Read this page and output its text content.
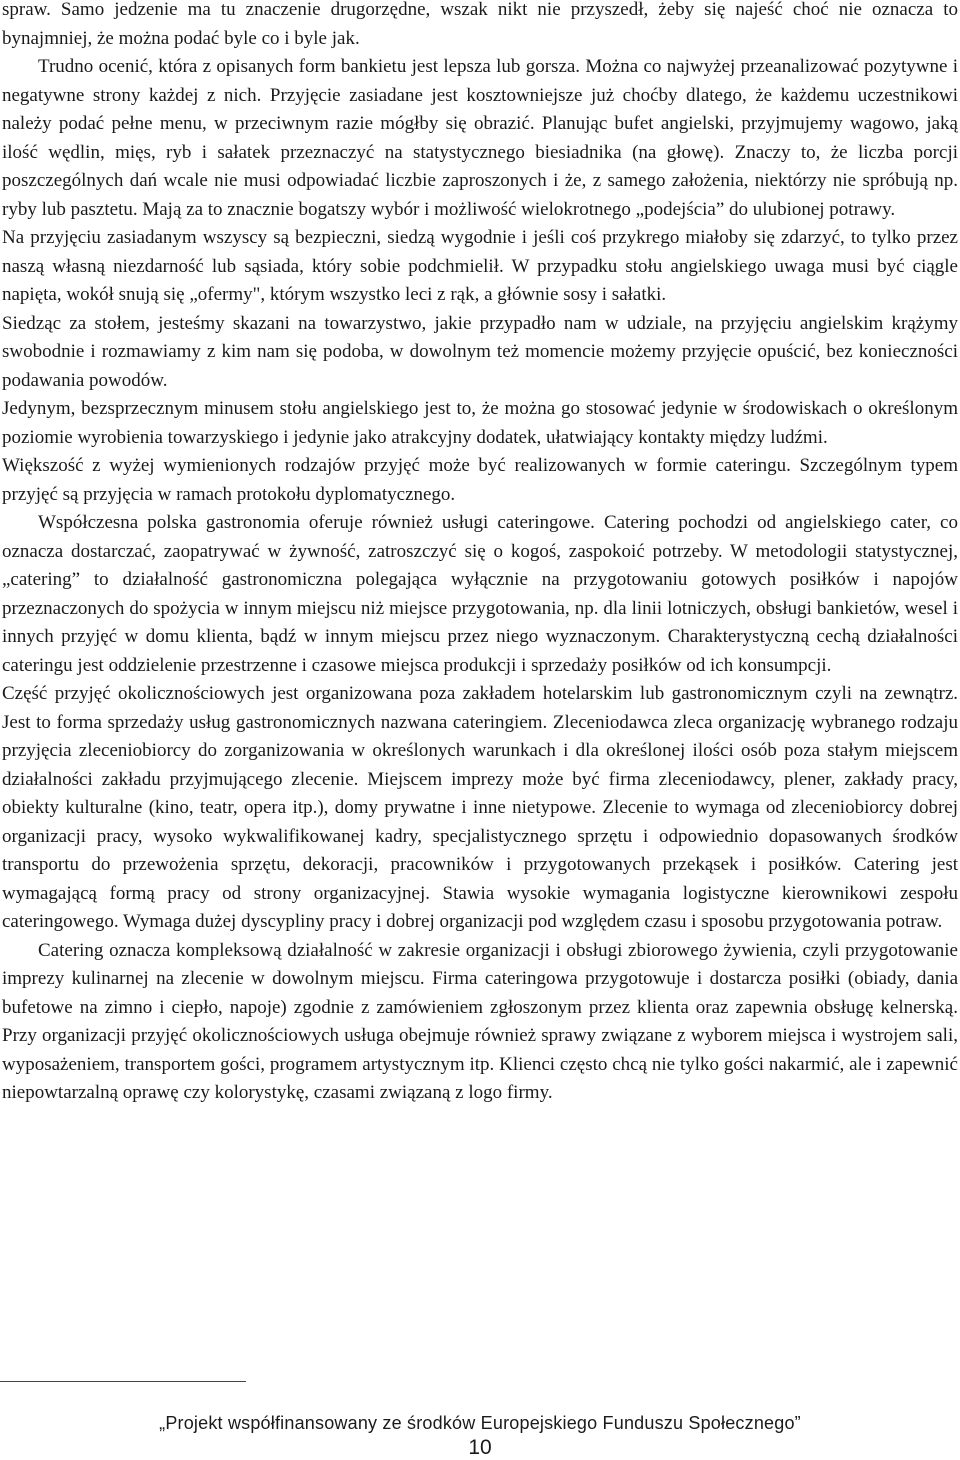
spraw. Samo jedzenie ma tu znaczenie drugorzędne, wszak nikt nie przyszedł, żeby się najeść choć nie oznacza to bynajmniej, że można podać byle co i byle jak.

Trudno ocenić, która z opisanych form bankietu jest lepsza lub gorsza. Można co najwyżej przeanalizować pozytywne i negatywne strony każdej z nich. Przyjęcie zasiadane jest kosztowniejsze już choćby dlatego, że każdemu uczestnikowi należy podać pełne menu, w przeciwnym razie mógłby się obrazić. Planując bufet angielski, przyjmujemy wagowo, jaką ilość wędlin, mięs, ryb i sałatek przeznaczyć na statystycznego biesiadnika (na głowę). Znaczy to, że liczba porcji poszczególnych dań wcale nie musi odpowiadać liczbie zaproszonych i że, z samego założenia, niektórzy nie spróbują np. ryby lub pasztetu. Mają za to znacznie bogatszy wybór i możliwość wielokrotnego „podejścia” do ulubionej potrawy.

Na przyjęciu zasiadanym wszyscy są bezpieczni, siedzą wygodnie i jeśli coś przykrego miałoby się zdarzyć, to tylko przez naszą własną niezdarność lub sąsiada, który sobie podchmielił. W przypadku stołu angielskiego uwaga musi być ciągle napięta, wokół snują się „ofermy", którym wszystko leci z rąk, a głównie sosy i sałatki.

Siedząc za stołem, jesteśmy skazani na towarzystwo, jakie przypadło nam w udziale, na przyjęciu angielskim krążymy swobodnie i rozmawiamy z kim nam się podoba, w dowolnym też momencie możemy przyjęcie opuścić, bez konieczności podawania powodów.

Jedynym, bezsprzecznym minusem stołu angielskiego jest to, że można go stosować jedynie w środowiskach o określonym poziomie wyrobienia towarzyskiego i jedynie jako atrakcyjny dodatek, ułatwiający kontakty między ludźmi.

Większość z wyżej wymienionych rodzajów przyjęć może być realizowanych w formie cateringu. Szczególnym typem przyjęć są przyjęcia w ramach protokołu dyplomatycznego.

Współczesna polska gastronomia oferuje również usługi cateringowe. Catering pochodzi od angielskiego cater, co oznacza dostarczać, zaopatrywać w żywność, zatroszczyć się o kogoś, zaspokoić potrzeby. W metodologii statystycznej, „catering” to działalność gastronomiczna polegająca wyłącznie na przygotowaniu gotowych posiłków i napojów przeznaczonych do spożycia w innym miejscu niż miejsce przygotowania, np. dla linii lotniczych, obsługi bankietów, wesel i innych przyjęć w domu klienta, bądź w innym miejscu przez niego wyznaczonym. Charakterystyczną cechą działalności cateringu jest oddzielenie przestrzenne i czasowe miejsca produkcji i sprzedaży posiłków od ich konsumpcji.

Część przyjęć okolicznościowych jest organizowana poza zakładem hotelarskim lub gastronomicznym czyli na zewnątrz. Jest to forma sprzedaży usług gastronomicznych nazwana cateringiem. Zleceniodawca zleca organizację wybranego rodzaju przyjęcia zleceniobiorcy do zorganizowania w określonych warunkach i dla określonej ilości osób poza stałym miejscem działalności zakładu przyjmującego zlecenie. Miejscem imprezy może być firma zleceniodawcy, plener, zakłady pracy, obiekty kulturalne (kino, teatr, opera itp.), domy prywatne i inne nietypowe. Zlecenie to wymaga od zleceniobiorcy dobrej organizacji pracy, wysoko wykwalifikowanej kadry, specjalistycznego sprzętu i odpowiednio dopasowanych środków transportu do przewożenia sprzętu, dekoracji, pracowników i przygotowanych przekąsek i posiłków. Catering jest wymagającą formą pracy od strony organizacyjnej. Stawia wysokie wymagania logistyczne kierownikowi zespołu cateringowego. Wymaga dużej dyscypliny pracy i dobrej organizacji pod względem czasu i sposobu przygotowania potraw.

Catering oznacza kompleksową działalność w zakresie organizacji i obsługi zbiorowego żywienia, czyli przygotowanie imprezy kulinarnej na zlecenie w dowolnym miejscu. Firma cateringowa przygotowuje i dostarcza posiłki (obiady, dania bufetowe na zimno i ciepło, napoje) zgodnie z zamówieniem zgłoszonym przez klienta oraz zapewnia obsługę kelnerską. Przy organizacji przyjęć okolicznościowych usługa obejmuje również sprawy związane z wyborem miejsca i wystrojem sali, wyposażeniem, transportem gości, programem artystycznym itp. Klienci często chcą nie tylko gości nakarmić, ale i zapewnić niepowtarzalną oprawę czy kolorystykę, czasami związaną z logo firmy.

„Projekt współfinansowany ze środków Europejskiego Funduszu Społecznego”
10
